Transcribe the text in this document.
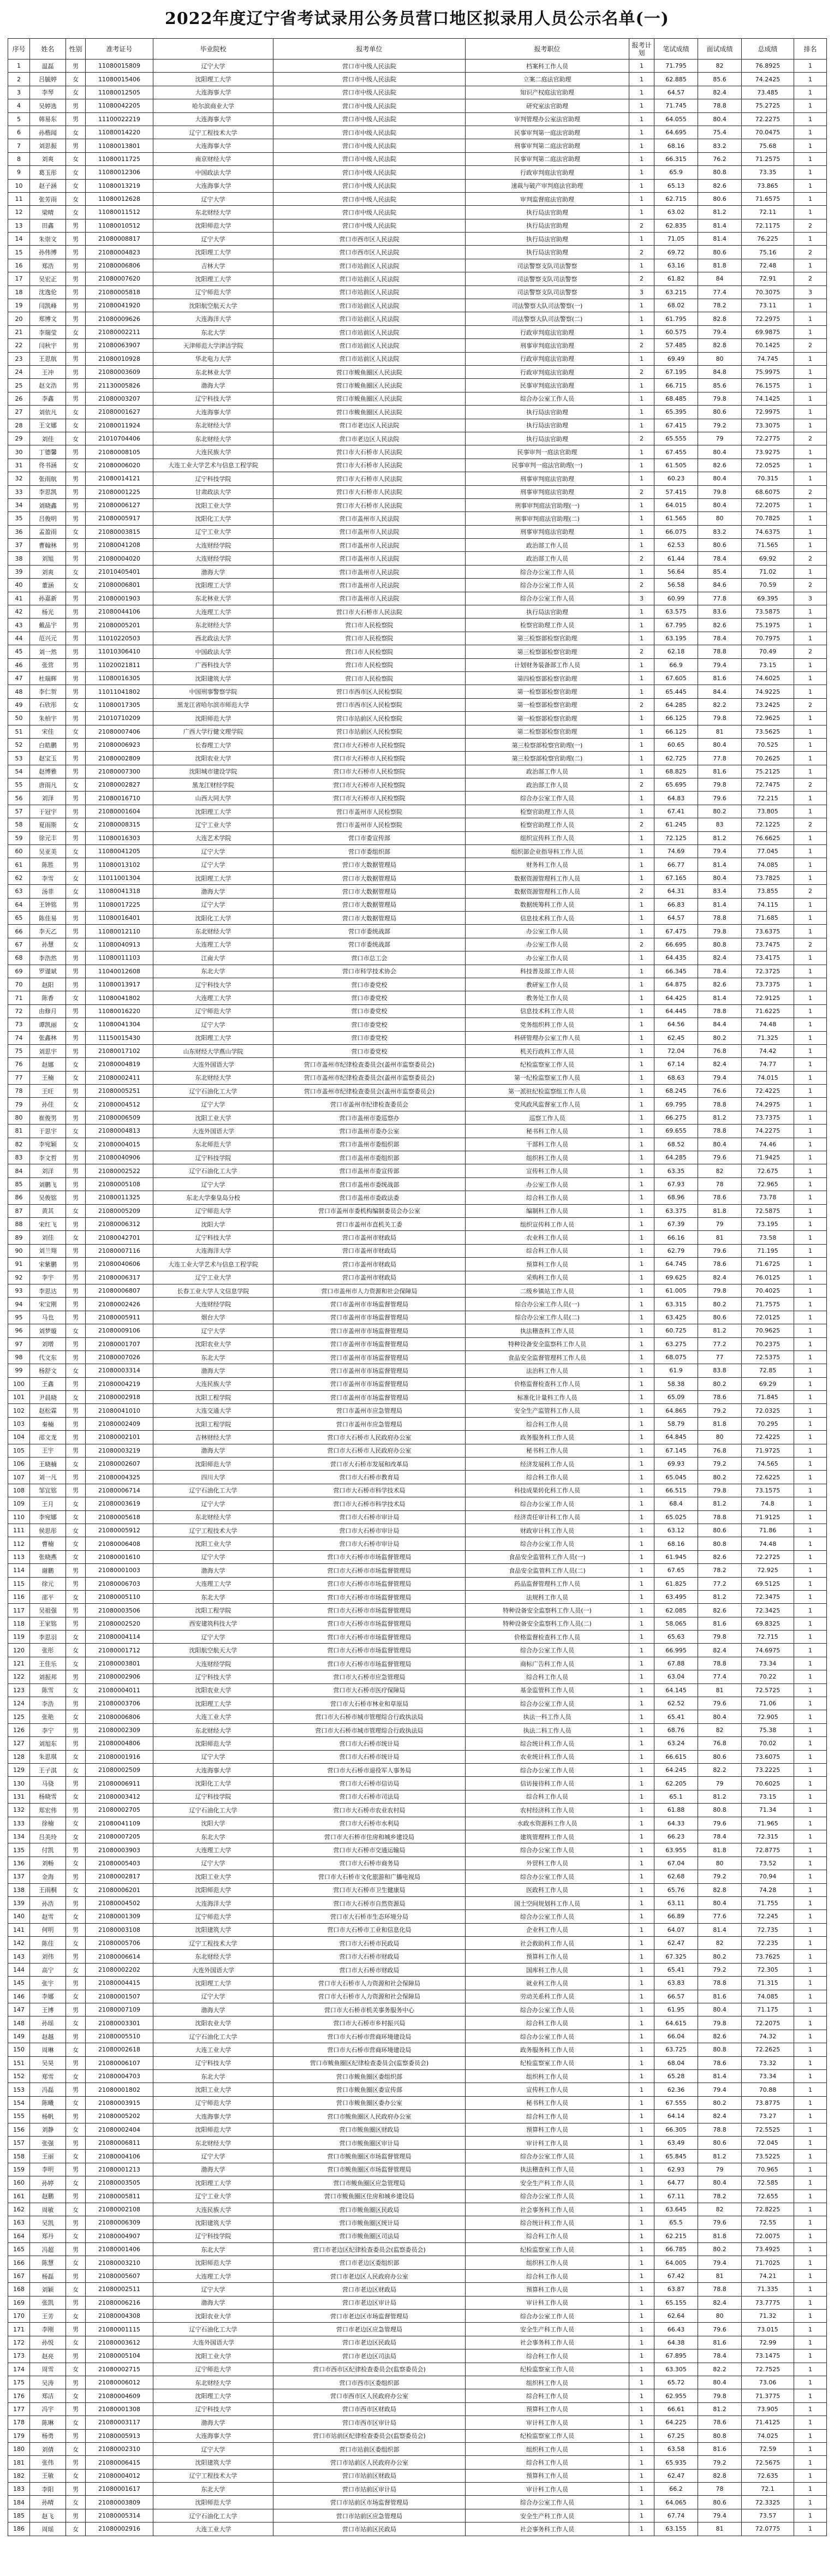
2022年度辽宁省考试录用公务员营口地区拟录用人员公示名单(一)
序号	姓名	性别	准考证号	毕业院校	报考单位	报考职位	报考计划	笔试成绩	面试成绩	总成绩	排名
1	温磊	男	11080015809	辽宁大学	营口市中级人民法院	档案科工作人员	1	71.795	82	76.8925	1
2	吕毓婷	女	11080015406	沈阳理工大学	营口市中级人民法院	立案二庭法官助理	1	62.885	85.6	74.2425	1
3	李琴	女	11080012505	大连海事大学	营口市中级人民法院	知识产权庭法官助理	1	64.57	82.4	73.485	1
4	吴婷选	男	11080042205	哈尔滨商业大学	营口市中级人民法院	研究室法官助理	1	71.745	78.8	75.2725	1
5	韩易东	男	11100022219	大连海事大学	营口市中级人民法院	审判管理办公室法官助理	1	64.055	80.4	72.2275	1
6	孙楷闻	女	11080014220	辽宁工程技术大学	营口市中级人民法院	民事审判第一庭法官助理	1	64.695	75.4	70.0475	1
7	刘思振	男	11080013801	大连海事大学	营口市中级人民法院	刑事审判第二庭法官助理	1	68.16	83.2	75.68	1
8	刘爽	女	11080011725	南京财经大学	营口市中级人民法院	民事审判第二庭法官助理	1	66.315	76.2	71.2575	1
9	葛玉彤	女	11080012306	中国政法大学	营口市中级人民法院	行政审判庭法官助理	1	65.9	80.8	73.35	1
10	赵子涵	女	11080013219	大连海事大学	营口市中级人民法院	速裁与破产审判庭法官助理	1	65.13	82.6	73.865	1
11	张芳雨	女	11080012628	辽宁大学	营口市中级人民法院	审判监督庭法官助理	1	62.715	80.6	71.6575	1
12	梁晴	女	11080011512	东北财经大学	营口市中级人民法院	执行局法官助理	1	63.02	81.2	72.11	1
13	田鑫	男	11080010512	沈阳师范大学	营口市中级人民法院	执行局法官助理	2	62.835	81.4	72.1175	2
14	朱崇文	男	21080008817	辽宁大学	营口市西市区人民法院	执行局法官助理	1	71.05	81.4	76.225	1
15	孙伟博	男	21080004823	沈阳理工大学	营口市西市区人民法院	执行局法官助理	2	69.72	80.6	75.16	2
16	郑浩	男	21080006806	吉林大学	营口市站前区人民法院	司法警察支队司法警察	1	63.16	81.8	72.48	1
17	吴宏正	男	21080007620	沈阳理工大学	营口市站前区人民法院	司法警察支队司法警察	2	61.82	84	72.91	2
18	沈逸伦	男	21080005818	辽宁师范大学	营口市站前区人民法院	司法警察支队司法警察	3	63.215	77.4	70.3075	3
19	闫凯峰	男	21080041920	沈阳航空航天大学	营口市站前区人民法院	司法警察大队司法警察(一)	1	68.02	78.2	73.11	1
20	郑博文	男	21080009626	大连海洋大学	营口市站前区人民法院	司法警察大队司法警察(二)	1	61.795	82.8	72.2975	1
21	李瑞莹	女	21080002211	东北大学	营口市站前区人民法院	行政审判庭法官助理	1	60.575	79.4	69.9875	1
22	闫秋宇	男	21080063907	天津师范大学津沽学院	营口市站前区人民法院	刑事审判庭法官助理	2	57.485	82.8	70.1425	2
23	王思航	男	21080010928	华北电力大学	营口市站前区人民法院	行政审判庭法官助理	1	69.49	80	74.745	1
24	王冲	男	21080003609	东北林业大学	营口市鲅鱼圈区人民法院	行政审判庭法官助理	2	67.195	84.8	75.9975	1
25	赵文浩	男	21130005826	渤海大学	营口市鲅鱼圈区人民法院	民事审判庭法官助理	1	66.715	85.6	76.1575	1
26	李鑫	男	21080003207	辽宁科技大学	营口市鲅鱼圈区人民法院	综合办公室工作人员	1	68.485	79.8	74.1425	1
27	刘依凡	女	21080001627	大连海事大学	营口市鲅鱼圈区人民法院	执行局法官助理	1	65.395	80.6	72.9975	1
28	王文娜	女	21080011924	东北财经大学	营口市老边区人民法院	执行局法官助理	1	67.415	79.2	73.3075	1
29	刘佳	女	21010704406	东北财经大学	营口市老边区人民法院	执行局法官助理	2	65.555	79	72.2775	2
30	丁德馨	男	21080008105	大连民族大学	营口市大石桥市人民法院	民事审判一庭法官助理	1	67.455	80.4	73.9275	1
31	佟书涵	女	21080006020	大连工业大学艺术与信息工程学院	营口市大石桥市人民法院	民事审判一庭法官助理(一)	1	61.505	82.6	72.0525	1
32	张雨航	男	21080014121	辽宁科技学院	营口市大石桥市人民法院	刑事审判庭法官助理	1	60.23	80.4	70.315	1
33	李思凯	男	21080001225	甘肃政法大学	营口市大石桥市人民法院	刑事审判庭法官助理	2	57.415	79.8	68.6075	2
34	刘晓鑫	男	21080006127	沈阳工业大学	营口市大石桥市人民法院	刑事审判庭法官助理(一)	1	64.015	80.4	72.2075	1
35	吕俊明	男	21080005917	沈阳化工大学	营口市盖州市人民法院	刑事审判庭法官助理(二)	1	61.565	80	70.7825	1
36	孟盈雨	女	21080003815	辽宁工业大学	营口市盖州市人民法院	刑事审判庭法官助理	1	66.075	83.2	74.6375	1
37	曹翰林	男	21080041208	大连财经学院	营口市盖州市人民法院	政治部工作人员	1	62.53	80.6	71.565	1
38	刘旭	男	21080004020	大连财经学院	营口市盖州市人民法院	政治部工作人员	2	61.44	78.4	69.92	2
39	刘爽	女	21010405401	渤海大学	营口市盖州市人民法院	综合办公室工作人员	1	56.64	85.4	71.02	1
40	董涵	女	21080006801	沈阳理工大学	营口市盖州市人民法院	综合办公室工作人员	2	56.58	84.6	70.59	2
41	孙嘉新	男	21080001903	东北林业大学	营口市盖州市人民法院	综合办公室工作人员	3	60.99	77.8	69.395	3
42	杨光	男	21080044106	大连理工大学	营口市大石桥市人民法院	执行局法官助理	1	63.575	83.6	73.5875	1
43	戴品宇	男	21080005201	东北财经大学	营口市人民检察院	检察官助理工作人员	1	67.795	82.6	75.1975	1
44	范兴元	男	11010220503	西北政法大学	营口市人民检察院	第三检察部检察官助理	1	63.195	78.4	70.7975	1
45	刘一然	男	11010306410	中国政法大学	营口市人民检察院	第三检察部检察官助理	2	62.18	78.8	70.49	2
46	张营	男	11020021811	广西科技大学	营口市人民检察院	计划财务装备部工作人员	1	66.9	79.4	73.15	1
47	杜瑞辉	男	11080016305	沈阳建筑大学	营口市人民检察院	第四检察部检察官助理	1	67.605	81.6	74.6025	1
48	李仁贺	男	11011041802	中国刑事警察学院	营口市西市区人民检察院	第一检察部检察官助理	1	65.445	84.4	74.9225	1
49	石欣彤	女	11080017305	黑龙江省哈尔滨市师范大学	营口市西市区人民检察院	第一检察部检察官助理	2	64.285	82.2	73.2425	2
50	朱柏宇	男	21010710209	沈阳师范大学	营口市站前区人民检察院	第一检察部检察官助理	1	66.125	79.8	72.9625	1
51	宋佳	女	21080007406	广西大学行健文理学院	营口市站前区人民检察院	第二检察部检察官助理	1	66.125	81	73.5625	1
52	白皓鹏	男	21080006923	长春理工大学	营口市大石桥市人民检察院	第三检察部检察官助理(一)	1	60.65	80.4	70.525	1
53	赵宝玉	男	21080002809	沈阳农业大学	营口市大石桥市人民检察院	第三检察部检察官助理(二)	1	62.725	77.8	70.2625	1
54	赵博雅	男	21080007300	沈阳城市建设学院	营口市大石桥市人民检察院	政治部工作人员	1	68.825	81.6	75.2125	1
55	唐雨凡	女	21080002827	黑龙江财经学院	营口市大石桥市人民检察院	政治部工作人员	2	65.695	79.8	72.7475	2
56	刘泽	男	21080016710	山西大同大学	营口市大石桥市人民检察院	综合办公室工作人员	1	64.83	79.6	72.215	1
57	于冠宇	男	21080001604	沈阳理工大学	营口市盖州市人民检察院	检察官助理工作人员	1	67.41	80.2	73.805	1
58	夏雨斯	女	21080008315	辽宁工业大学	营口市盖州市人民检察院	检察官助理工作人员	2	61.245	83	72.1225	2
59	徐元丰	男	11080016303	大连艺术学院	营口市委宣传部	组织宣传科工作人员	1	72.125	81.2	76.6625	1
60	吴亚美	女	11080041205	辽宁大学	营口市委组织部	组织部企业指导科工作人员	1	74.69	79.4	77.045	1
61	陈胜	男	11080013102	辽宁大学	营口市大数据管理局	财务科工作人员	1	66.77	81.4	74.085	1
62	李雪	女	11011001304	沈阳理工大学	营口市大数据管理局	数据资源管理科工作人员	1	67.165	80.4	73.7825	1
63	汤菲	女	11080041318	渤海大学	营口市大数据管理局	数据资源管理科工作人员	2	64.31	83.4	73.855	2
64	王钟铭	男	11080017225	辽宁大学	营口市大数据管理局	数据统筹科工作人员	1	66.83	81.4	74.115	1
65	陈佳易	男	11080016401	沈阳化工大学	营口市大数据管理局	信息技术科工作人员	1	64.57	78.8	71.685	1
66	李天乙	男	11080012110	东北财经大学	营口市委统战部	办公室工作人员	1	67.475	79.8	73.6375	1
67	孙慧	女	11080040913	大连理工大学	营口市委统战部	办公室工作人员	2	66.695	80.8	73.7475	2
68	李浩然	男	11080011103	江南大学	营口市总工会	办公室工作人员	1	64.435	82.4	73.4175	1
69	罗谨斌	男	11040012608	东北大学	营口市科学技术协会	科技普及部工作人员	1	66.345	78.4	72.3725	1
70	赵阳	男	11080013917	辽宁科技大学	营口市委党校	教研室工作人员	1	64.875	82.6	73.7375	1
71	陈香	女	11080041802	大连理工大学	营口市委党校	教务处工作人员	1	64.425	81.4	72.9125	1
72	由修月	男	11080016220	辽宁师范大学	营口市委党校	信息技术科工作人员	1	64.445	78.8	71.6225	1
73	谭凯丽	女	11080041304	辽宁大学	营口市委党校	党务组织科工作人员	1	64.56	84.4	74.48	1
74	张鑫林	男	11150015430	沈阳理工大学	营口市委党校	科研管理办公室工作人员	1	62.45	80.2	71.325	1
75	刘思宇	男	21080017102	山东财经大学燕山学院	营口市委党校	机关行政科工作人员	1	72.04	76.8	74.42	1
76	赵娜	女	21080004819	大连外国语大学	营口市盖州市纪律检查委员会(盖州市监察委员会)	纪检监察室工作人员	1	67.14	82.4	74.77	1
77	王楠	女	21080002411	东北财经大学	营口市盖州市纪律检查委员会(盖州市监察委员会)	第一纪检监察室工作人员	1	68.63	79.4	74.015	1
78	王旺	男	21080005251	辽宁石油化工大学	营口市盖州市纪律检查委员会(盖州市监察委员会)	第一派驻纪检监察组工作人员	1	68.245	76.6	72.4225	1
79	孙佳	女	21080004512	辽宁大学	营口市盖州市纪律检查委员会	党风政风监督室工作人员	1	69.795	78.8	74.2975	1
80	崔俊男	男	21080006509	沈阳工业大学	营口市盖州市委巡察办	巡察工作人员	1	66.275	81.2	73.7375	1
81	于思宇	女	21080004813	大连外国语大学	营口市盖州市委办公室	秘书科工作人员	1	69.655	78.8	74.2275	1
82	李宛颖	女	21080004015	东北师范大学	营口市盖州市委组织部	干部科工作人员	1	68.52	80.4	74.46	1
83	李文哲	男	21080040906	辽宁科技学院	营口市盖州市委组织部	组织科工作人员	1	64.285	79.6	71.9425	1
84	刘洋	男	21080002522	辽宁石油化工大学	营口市盖州市委宣传部	宣传科工作人员	1	63.35	82	72.675	1
85	刘鹏飞	男	21080005108	辽宁大学	营口市盖州市委统战部	办公室工作人员	1	67.93	78	72.965	1
86	吴俊铭	男	21080011325	东北大学秦皇岛分校	营口市盖州市委政法委	综合科工作人员	1	68.96	78.6	73.78	1
87	黄其	女	21080005209	辽宁师范大学	营口市盖州市委机构编制委员会办公室	编制科工作人员	1	63.375	81.8	72.5875	1
88	宋红飞	男	21080006312	沈阳大学	营口市盖州市直机关工委	组织宣传科工作人员	1	67.39	79	73.195	1
89	刘佳	女	21080042701	辽宁科技大学	营口市盖州市财政局	农业科工作人员	1	66.16	81	73.58	1
90	刘兰翔	男	21080007116	大连海洋大学	营口市盖州市财政局	综合科工作人员	1	62.79	79.6	71.195	1
91	宋紫鹏	男	21080040606	大连工业大学艺术与信息工程学院	营口市盖州市财政局	预算科工作人员	1	64.745	78.6	71.6725	1
92	李宇	男	21080006317	辽宁工业大学	营口市盖州市财政局	采购科工作人员	1	69.625	82.4	76.0125	1
93	李思达	男	21080006807	长春工业大学人文信息学院	营口市盖州市人力资源和社会保障局	二级乡镇站工作人员	1	61.005	79.8	70.4025	1
94	宋宝刚	男	21080002426	大连财经学院	营口市盖州市市场监督管理局	综合办公室工作人员(一)	1	63.315	80.2	71.7575	1
95	马也	男	21080005911	烟台大学	营口市盖州市市场监督管理局	综合办公室工作人员(二)	1	63.425	80.6	72.0125	1
96	刘梦璇	女	21080009106	辽宁大学	营口市盖州市市场监督管理局	执法稽查科工作人员	1	60.725	81.2	70.9625	1
97	刘增	男	21080001707	沈阳农业大学	营口市盖州市市场监督管理局	特种设备安全监察科工作人员	1	63.275	77.2	70.2375	1
98	代文东	男	21080007026	东北大学	营口市盖州市市场监督管理局	食品安全监督管理科工作人员	1	68.075	77	72.5375	1
99	杨舒文	女	21080003314	渤海大学	营口市盖州市市场监督管理局	法治科工作人员	1	61.9	83.8	72.85	1
100	王鑫	男	21080004219	大连民族大学	营口市盖州市市场监督管理局	价格监督检查科工作人员	1	58.38	80.2	69.29	1
101	尹晨晓	女	21080002918	沈阳工程学院	营口市盖州市市场监督管理局	标准化计量科工作人员	1	65.09	78.6	71.845	1
102	赵松霖	男	21080041010	大连交通大学	营口市盖州市应急管理局	安全生产监管科工作人员	1	64.865	79.2	72.0325	1
103	秦楠	男	21080002409	沈阳工程学院	营口市盖州市应急管理局	综合科工作人员	1	58.79	81.8	70.295	1
104	邵文龙	男	21080002101	吉林财经大学	营口市大石桥市人民政府办公室	政务服务科工作人员	1	64.845	80	72.4225	1
105	王宇	男	21080003219	渤海大学	营口市大石桥市人民政府办公室	秘书科工作人员	1	67.145	76.8	71.9725	1
106	王晓楠	女	21080002607	沈阳师范大学	营口市大石桥市发展和改革局	经济发展科工作人员	1	69.93	79.2	74.565	1
107	刘一凡	男	21080004325	四川大学	营口市大石桥市教育局	综合科工作人员	1	65.045	80.2	72.6225	1
108	邹宜铭	男	21080006714	辽宁石油化工大学	营口市大石桥市科学技术局	科技成果转化科工作人员	1	66.515	79.8	73.1575	1
109	王月	女	21080003619	辽宁大学	营口市大石桥市科学技术局	综合办公室工作人员	1	68.4	81.2	74.8	1
110	李宛娜	女	21080005618	东北财经大学	营口市大石桥市审计局	经济责任审计科工作人员	1	65.025	78.8	71.9125	1
111	侯思彤	女	21080005912	辽宁工程技术大学	营口市大石桥市审计局	财政审计科工作人员	1	63.12	80.6	71.86	1
112	曹楠	女	21080006408	沈阳工业大学	营口市大石桥市审计局	综合办公室工作人员	1	68.16	80.8	74.48	1
113	张晓燕	女	21080001610	辽宁大学	营口市大石桥市市场监督管理局	食品安全监管科工作人员(一)	1	61.945	82.6	72.2725	1
114	谢鹏	男	21080001003	渤海大学	营口市大石桥市市场监督管理局	食品安全监管科工作人员(二)	1	67.65	78.2	72.925	1
115	徐元	男	21080006703	大连理工大学	营口市大石桥市市场监督管理局	药品监督管理科工作人员	1	61.825	77.2	69.5125	1
116	邵平	女	21080005110	东北大学	营口市大石桥市市场监督管理局	法规科工作人员	1	63.495	81.2	72.3475	1
117	吴祖强	男	21080003506	沈阳工程学院	营口市大石桥市市场监督管理局	特种设备安全监察科工作人员(一)	1	62.085	82.6	72.3425	1
118	王家铭	男	21080002520	西安建筑科技大学	营口市大石桥市市场监督管理局	特种设备安全监察科工作人员(二)	1	58.065	81.6	69.8325	1
119	李思羽	女	21080004114	辽宁大学	营口市大石桥市市场监督管理局	价格监督检查科工作人员	1	65.63	79.8	72.715	1
120	张彤	女	21080001712	沈阳航空航天大学	营口市大石桥市市场监督管理局	综合办公室工作人员	1	66.995	82.4	74.6975	1
121	王佳乐	女	21080003801	大连财经学院	营口市大石桥市市场监督管理局	商标广告科工作人员	1	67.88	78.8	73.34	1
122	刘振邦	男	21080002906	辽宁科技大学	营口市大石桥市应急管理局	综合科工作人员	1	63.04	77.4	70.22	1
123	陈雪	女	21080004011	沈阳农业大学	营口市大石桥市医疗保障局	基金监管科工作人员	1	64.145	81	72.5725	1
124	李浩	男	21080003706	沈阳理工大学	营口市大石桥市林业和草原局	综合办公室工作人员	1	62.52	79.6	71.06	1
125	张艳	女	21080006806	大连工业大学	营口市大石桥市城市管理综合行政执法局	执法一科工作人员	1	65.41	80.4	72.905	1
126	李宁	男	21080002309	东北财经大学	营口市大石桥市城市管理综合行政执法局	执法二科工作人员	1	68.76	82	75.38	1
127	刘旭东	男	21080004806	沈阳师范大学	营口市大石桥市统计局	综合统计科工作人员	1	63.24	76.8	70.02	1
128	朱思琪	女	21080001916	辽宁大学	营口市大石桥市统计局	农业统计科工作人员	1	66.615	80.6	73.6075	1
129	王子淇	女	21080002509	大连海事大学	营口市大石桥市退役军人事务局	综合办公室工作人员	1	64.245	82.2	73.2225	1
130	马骁	男	21080006911	沈阳化工大学	营口市大石桥市信访局	信访接待科工作人员	1	62.205	79	70.6025	1
131	杨晓雪	女	21080003412	辽宁科技学院	营口市大石桥市司法局	综合科工作人员	1	65.1	81.2	73.15	1
132	郑宏伟	男	21080002705	辽宁石油化工大学	营口市大石桥市农业农村局	农村经济科工作人员	1	61.88	80.8	71.34	1
133	徐楠	女	21080041109	沈阳大学	营口市大石桥市水利局	水政水资源科工作人员	1	64.33	79.6	71.965	1
134	吕美玲	女	21080007205	东北大学	营口市大石桥市住房和城乡建设局	建筑管理科工作人员	1	66.23	78.4	72.315	1
135	付凯	男	21080003903	大连理工大学	营口市大石桥市交通运输局	综合办公室工作人员	1	63.955	81.8	72.8775	1
136	刘畅	女	21080005403	辽宁大学	营口市大石桥市商务局	外贸科工作人员	1	67.04	80	73.52	1
137	金海	男	21080002817	沈阳工业大学	营口市大石桥市文化旅游和广播电视局	综合办公室工作人员	1	62.68	79.2	70.94	1
138	王雨桐	女	21080006201	沈阳师范大学	营口市大石桥市卫生健康局	医政科工作人员	1	65.76	82.8	74.28	1
139	孙浩	男	21080004502	大连海洋大学	营口市大石桥市自然资源局	国土空间规划科工作人员	1	63.11	80.4	71.755	1
140	赵雪	女	21080001309	辽宁师范大学	营口市大石桥市生态环境分局	综合办公室工作人员	1	66.89	77.6	72.245	1
141	何明	男	21080003108	沈阳建筑大学	营口市大石桥市工业和信息化局	企业科工作人员	1	64.07	81.4	72.735	1
142	陈佳	女	21080005706	辽宁工程技术大学	营口市大石桥市民政局	社会救助科工作人员	1	62.47	82	72.235	1
143	刘伟	男	21080006614	东北财经大学	营口市大石桥市财政局	预算科工作人员	1	67.325	80.2	73.7625	1
144	高宁	女	21080002202	大连外国语大学	营口市大石桥市财政局	国库科工作人员	1	65.41	79.2	72.305	1
145	张宇	男	21080004415	沈阳理工大学	营口市大石桥市人力资源和社会保障局	就业科工作人员	1	63.83	78.8	71.315	1
146	李娜	女	21080001507	辽宁大学	营口市大石桥市人力资源和社会保障局	劳动关系科工作人员	1	66.57	81.6	74.085	1
147	王博	男	21080007109	渤海大学	营口市大石桥市机关事务服务中心	综合办公室工作人员	1	61.95	80.4	71.175	1
148	孙瑶	女	21080003301	沈阳农业大学	营口市大石桥市乡村振兴局	综合科工作人员	1	64.615	79.8	72.2075	1
149	赵越	男	21080005510	辽宁石油化工大学	营口市大石桥市营商环境建设局	综合办公室工作人员	1	66.04	82.6	74.32	1
150	周琳	女	21080002618	大连工业大学	营口市大石桥市营商环境建设局	政务服务科工作人员	1	63.725	80.8	72.2625	1
151	吴昊	男	21080006107	辽宁科技大学	营口市鲅鱼圈区纪律检查委员会(监察委员会)	纪检监察室工作人员	1	68.04	78.6	73.32	1
152	郑雪	女	21080004703	东北大学	营口市鲅鱼圈区委组织部	组织科工作人员	1	65.28	81.4	73.34	1
153	冯磊	男	21080001802	沈阳工业大学	营口市鲅鱼圈区委宣传部	宣传科工作人员	1	62.36	79.4	70.88	1
154	陈曦	女	21080003915	辽宁师范大学	营口市鲅鱼圈区委办公室	秘书科工作人员	1	67.555	80.2	73.8775	1
155	杨帆	男	21080005202	大连海事大学	营口市鲅鱼圈区人民政府办公室	综合科工作人员	1	64.14	82.4	73.27	1
156	刘静	女	21080002404	沈阳师范大学	营口市鲅鱼圈区财政局	预算科工作人员	1	66.305	78.8	72.5525	1
157	张强	男	21080006811	东北财经大学	营口市鲅鱼圈区审计局	审计科工作人员	1	63.49	80.6	72.045	1
158	王丽	女	21080004106	辽宁大学	营口市鲅鱼圈区市场监督管理局	综合办公室工作人员	1	65.845	81.2	73.5225	1
159	李明	男	21080001213	渤海大学	营口市鲅鱼圈区市场监督管理局	执法稽查科工作人员	1	62.93	79	70.965	1
160	孙婷	女	21080003505	沈阳理工大学	营口市鲅鱼圈区应急管理局	安全生产科工作人员	1	64.77	80.4	72.585	1
161	赵鹏	男	21080005811	辽宁工业大学	营口市鲅鱼圈区住房和城乡建设局	综合办公室工作人员	1	67.11	78.2	72.655	1
162	周敏	女	21080002108	大连民族大学	营口市鲅鱼圈区民政局	社会事务科工作人员	1	63.645	82	72.8225	1
163	吴凯	男	21080006309	沈阳建筑大学	营口市鲅鱼圈区统计局	综合统计科工作人员	1	65.5	79.6	72.55	1
164	郑丹	女	21080004907	辽宁科技学院	营口市鲅鱼圈区司法局	综合科工作人员	1	62.215	81.8	72.0075	1
165	冯超	男	21080001406	东北大学	营口市老边区纪律检查委员会(监察委员会)	纪检监察室工作人员	1	66.785	80.2	73.4925	1
166	陈慧	女	21080003210	沈阳师范大学	营口市老边区委组织部	组织科工作人员	1	64.005	79.4	71.7025	1
167	杨磊	男	21080005607	大连理工大学	营口市老边区人民政府办公室	综合科工作人员	1	67.42	81	74.21	1
168	刘颖	女	21080002511	辽宁大学	营口市老边区财政局	预算科工作人员	1	63.87	78.8	71.335	1
169	张凯	男	21080006216	渤海大学	营口市老边区审计局	审计科工作人员	1	65.155	82.4	73.7775	1
170	王芳	女	21080004308	沈阳农业大学	营口市老边区市场监督管理局	综合办公室工作人员	1	62.64	80	71.32	1
171	李刚	男	21080001115	辽宁石油化工大学	营口市老边区应急管理局	安全生产科工作人员	1	66.43	79.6	73.015	1
172	孙悦	女	21080003612	大连外国语大学	营口市老边区民政局	社会事务科工作人员	1	64.38	81.6	72.99	1
173	赵亮	男	21080005104	沈阳工业大学	营口市老边区司法局	综合科工作人员	1	67.895	78.4	73.1475	1
174	周雪	女	21080002715	辽宁师范大学	营口市西市区纪律检查委员会(监察委员会)	纪检监察室工作人员	1	63.305	82.2	72.7525	1
175	吴涛	男	21080006012	东北财经大学	营口市西市区委组织部	组织科工作人员	1	65.72	80.4	73.06	1
176	郑洁	女	21080004609	沈阳理工大学	营口市西市区人民政府办公室	综合科工作人员	1	62.955	79.8	71.3775	1
177	冯宇	男	21080001308	辽宁科技大学	营口市西市区财政局	预算科工作人员	1	66.61	81.2	73.905	1
178	陈琳	女	21080003117	渤海大学	营口市西市区审计局	审计科工作人员	1	64.225	78.6	71.4125	1
179	杨勇	男	21080005913	大连海事大学	营口市站前区纪律检查委员会(监察委员会)	纪检监察室工作人员	1	67.25	80.8	74.025	1
180	刘倩	女	21080002310	辽宁大学	营口市站前区委组织部	组织科工作人员	1	63.58	81.6	72.59	1
181	张伟	男	21080006415	沈阳建筑大学	营口市站前区人民政府办公室	综合科工作人员	1	65.935	79.2	72.5675	1
182	王敏	女	21080004012	辽宁工程技术大学	营口市站前区财政局	预算科工作人员	1	62.47	82.8	72.635	1
183	李阳	男	21080001617	东北大学	营口市站前区审计局	审计科工作人员	1	66.2	78	72.1	1
184	孙晴	女	21080003809	沈阳师范大学	营口市站前区市场监督管理局	综合办公室工作人员	1	64.065	80.6	72.3325	1
185	赵飞	男	21080005314	辽宁石油化工大学	营口市站前区应急管理局	安全生产科工作人员	1	67.74	79.4	73.57	1
186	周瑶	女	21080002916	大连工业大学	营口市站前区民政局	社会事务科工作人员	1	63.155	81	72.0775	1
